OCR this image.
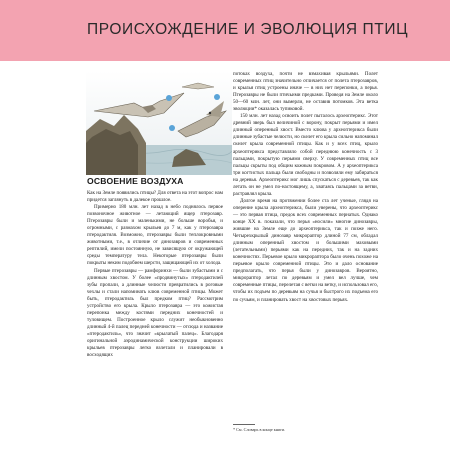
ПРОИСХОЖДЕНИЕ И ЭВОЛЮЦИЯ ПТИЦ
ОСВОЕНИЕ ВОЗДУХА

Как на Земле появились птицы? Для ответа на этот вопрос нам придется заглянуть в далекое прошлое.

Примерно 180 млн. лет назад в небо поднялось первое позвоночное животное — летающий ящер птерозавр. Птерозавры были и маленькими, не больше воробья, и огромными, с размахом крыльев до 7 м, как у птерозавра птеродактиля. Возможно, птерозавры были теплокровными животными, т.е., в отличие от динозавров и современных рептилий, имели постоянную, не зависящую от окружающей среды температуру тела. Некоторые птерозавры были покрыты неким подобием шерсти, защищающей их от холода.

Первые птерозавры — рамфоринхи — были зубастыми и с длинным хвостом. У более «продвинутых» птеродактилей зубы пропали, а длинные челюсти превратились в роговые чехлы и стали напоминать клюв современной птицы. Может быть, птеродактиль был предком птиц? Рассмотрим устройство его крыла. Крыло птерозавра — это кожистая перепонка между костями передних конечностей и туловищем. Построенное крыло служит необыкновенно длинный 4-й палец передней конечности — отсюда и название «птеродактиль», что значит «крылатый палец». Благодаря оригинальной аэродинамической конструкции широких крыльев птерозавры легко взлетали и планировали в восходящих

потоках воздуха, почти не взмахивая крыльями. Полет современных птиц значительно отличается от полета птерозавров, и крылья птиц устроены иначе — в них нет перепонки, а перья. Птерозавры не были птичьими предками. Проведя на Земле около 50—60 млн. лет, они вымерли, не оставив потомков. Эта ветка эволюции* оказалась тупиковой.

150 млн. лет назад освоить полет пыталось археоптерикс. Этот древний зверь был величиной с ворону, покрыт перьями и имел длинный оперенный хвост. Вместо клюва у археоптерикса были длинные зубастые челюсти, но скелет его крыла сильно напоминал скелет крыла современной птицы. Как и у всех птиц, крыло археоптерикса представляло собой переднюю конечность с 3 пальцами, покрытую перьями сверху. У современных птиц все пальцы скрыты под общим кожным покровом. А у археоптерикса три когтистых пальца были свободны и позволяли ему забираться на деревья. Археоптерикс мог лишь спускаться с деревьев, так как летать он не умел по-настоящему, а, хватаясь пальцами за ветви, растравлял крыла.

Долгое время на протяжении более ста лет ученые, глядя на оперение крыла археоптерикса, были уверены, что археоптерикс — это первая птица, предок всех современных пернатых. Однако конце XX в. показали, что перья «носили» многие динозавры, жившие на Земле еще до археоптерикса, так и позже него. Четырехкрылый динозавр микрораптор длиной 77 см, обладал длинным оперенный хвостом и большими маховыми (летательными) перьями как на передних, так и на задних конечностях. Перьевое крыло микрораптора было очень похоже на перьевое крыло современной птицы. Это и дало основание предполагать, что перья были у динозавров. Вероятно, микрораптор летал по деревьям и умел вел лучше, чем современные птицы, перелетая с ветки на ветку, и использовал его, чтобы их подъем по деревьям на сучья и быстрого их подъема его по сучьям, и планировать хвост на хвостовых перьях.

* См. Словарь в конце книги.
